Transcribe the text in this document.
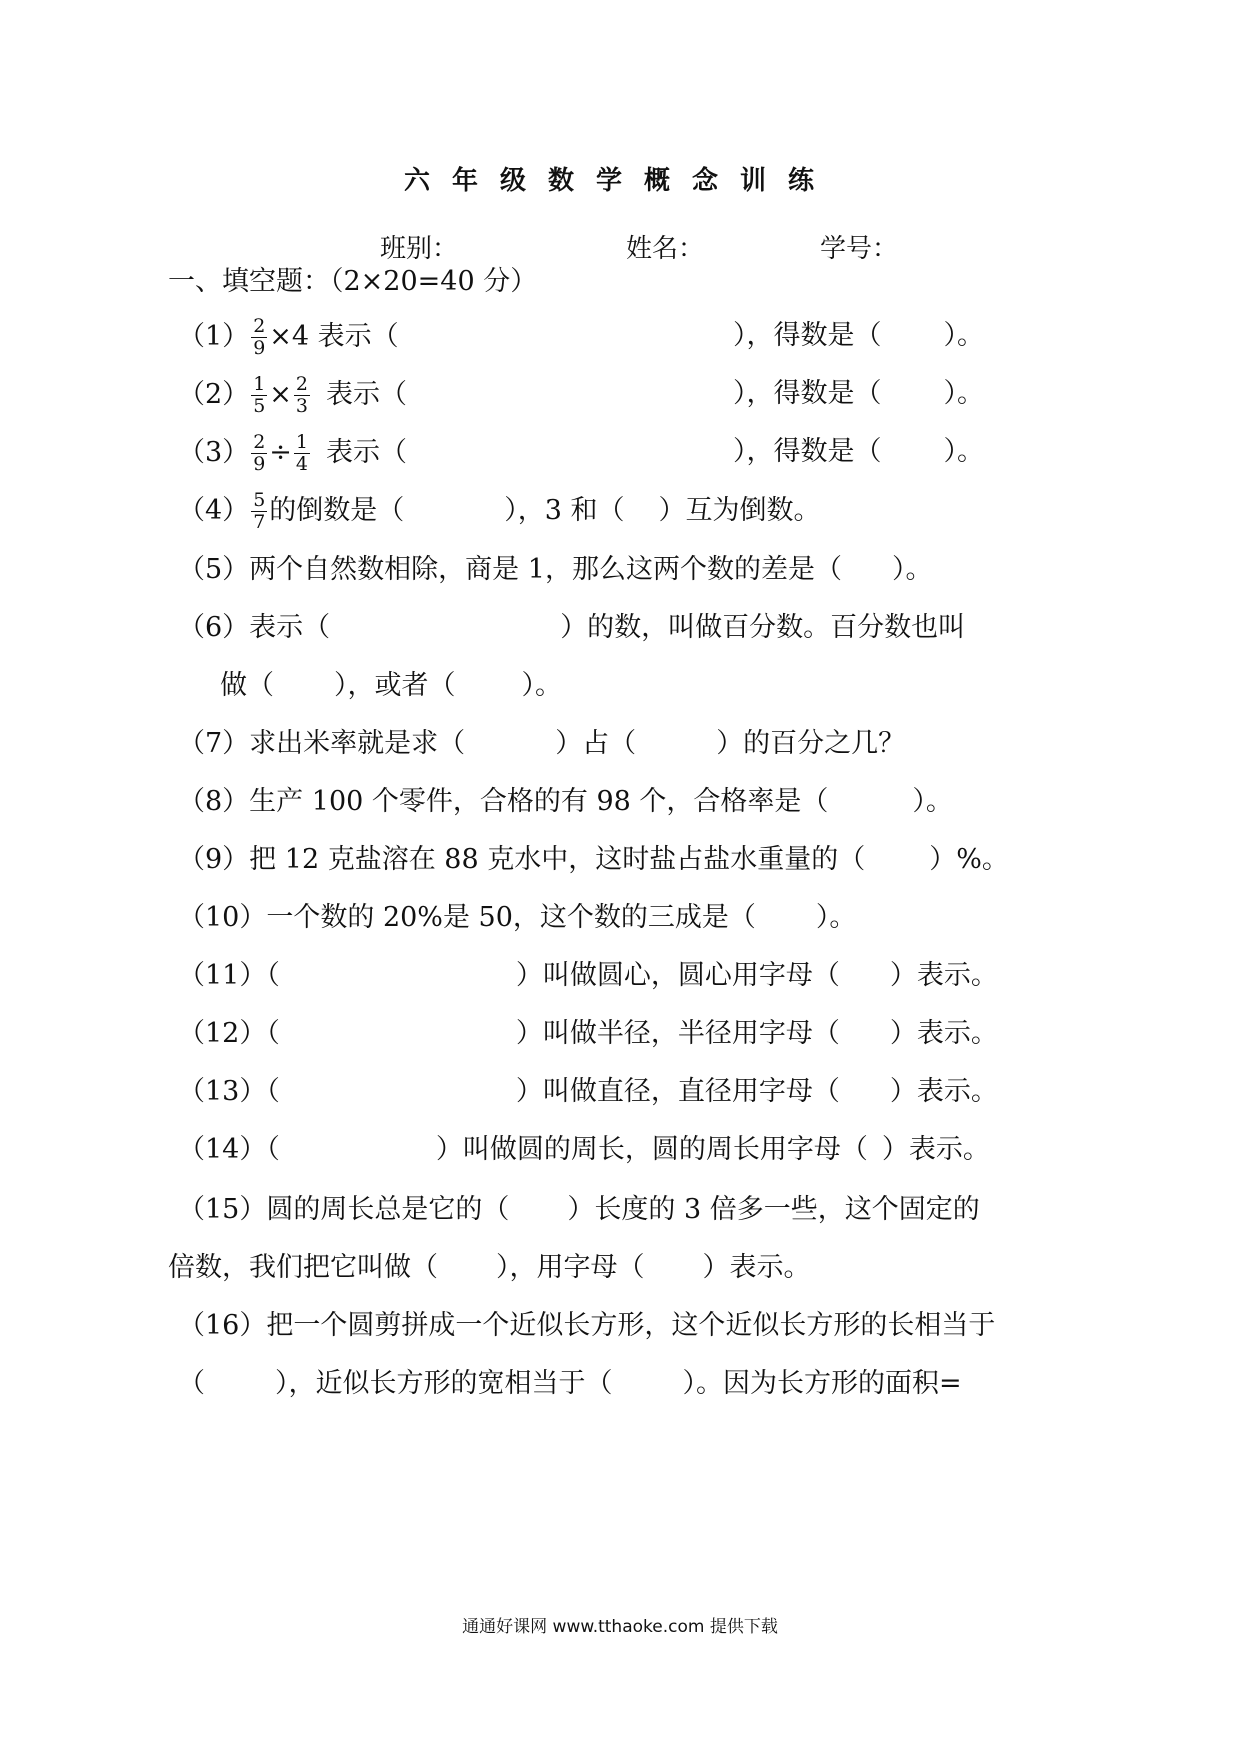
六年级数学概念训练
班别：	姓名：	学号：
一、填空题：（2×20=40 分）
$(1) \frac{2}{9} \times 4$ 表示（	），得数是（ ）。
$(2) \frac{1}{5} \times \frac{2}{3}$ 表示（	），得数是（ ）。
$(3) \frac{2}{9} \div \frac{1}{4}$ 表示（	），得数是（ ）。
$(4) \frac{5}{7}$ 的倒数是（	），3 和（ ）互为倒数。
（5）两个自然数相除，商是 1，那么这两个数的差是（ ）。
（6）表示（	）的数，叫做百分数。百分数也叫
做（ ），或者（ ）。
（7）求出米率就是求（	）占（	）的百分之几？
（8）生产 100 个零件，合格的有 98 个，合格率是（	）。
（9）把 12 克盐溶在 88 克水中，这时盐占盐水重量的（ ）%。
（10）一个数的 20%是 50，这个数的三成是（ ）。
（11）（	）叫做圆心，圆心用字母（ ）表示。
（12）（	）叫做半径，半径用字母（ ）表示。
（13）（	）叫做直径，直径用字母（ ）表示。
（14）（	）叫做圆的周长，圆的周长用字母（ ）表示。
（15）圆的周长总是它的（ ）长度的 3 倍多一些，这个固定的
倍数，我们把它叫做（ ），用字母（ ）表示。
（16）把一个圆剪拼成一个近似长方形，这个近似长方形的长相当于
（	），近似长方形的宽相当于（	）。因为长方形的面积=
通通好课网 www.tthaoke.com 提供下载
